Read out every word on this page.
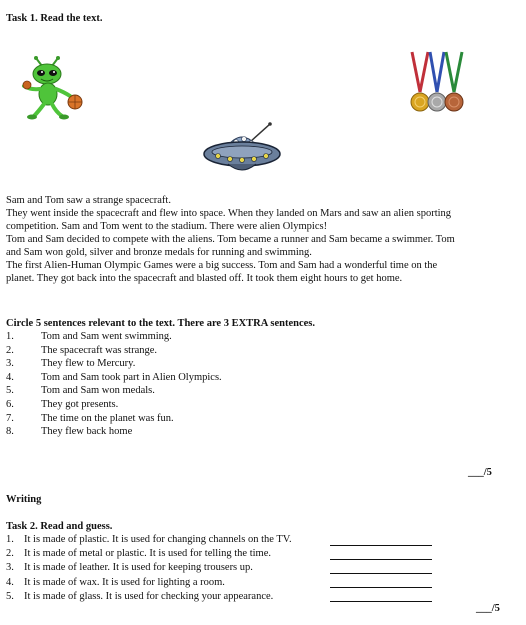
Task 1. Read the text.
Sam and Tom saw a strange spacecraft.
They went inside the spacecraft and flew into space. When they landed on Mars and saw an alien sporting
competition. Sam and Tom went to the stadium. There were alien Olympics!
Tom and Sam decided to compete with the aliens. Tom became a runner and Sam became a swimmer. Tom
and Sam won gold, silver and bronze medals for running and swimming.
The first Alien-Human Olympic Games were a big success. Tom and Sam had a wonderful time on the
planet. They got back into the spacecraft and blasted off. It took them eight hours to get home.
Circle 5 sentences relevant to the text. There are 3 EXTRA sentences.
1.	Tom and Sam went swimming.
2.	The spacecraft was strange.
3.	They flew to Mercury.
4.	Tom and Sam took part in Alien Olympics.
5.	Tom and Sam won medals.
6.	They got presents.
7.	The time on the planet was fun.
8.	They flew back home
___/5
Writing
Task 2. Read and guess.
1. It is made of plastic. It is used for changing channels on the TV.
2. It is made of metal or plastic. It is used for telling the time.
3. It is made of leather. It is used for keeping trousers up.
4. It is made of wax. It is used for lighting a room.
5. It is made of glass. It is used for checking your appearance.
___/5
